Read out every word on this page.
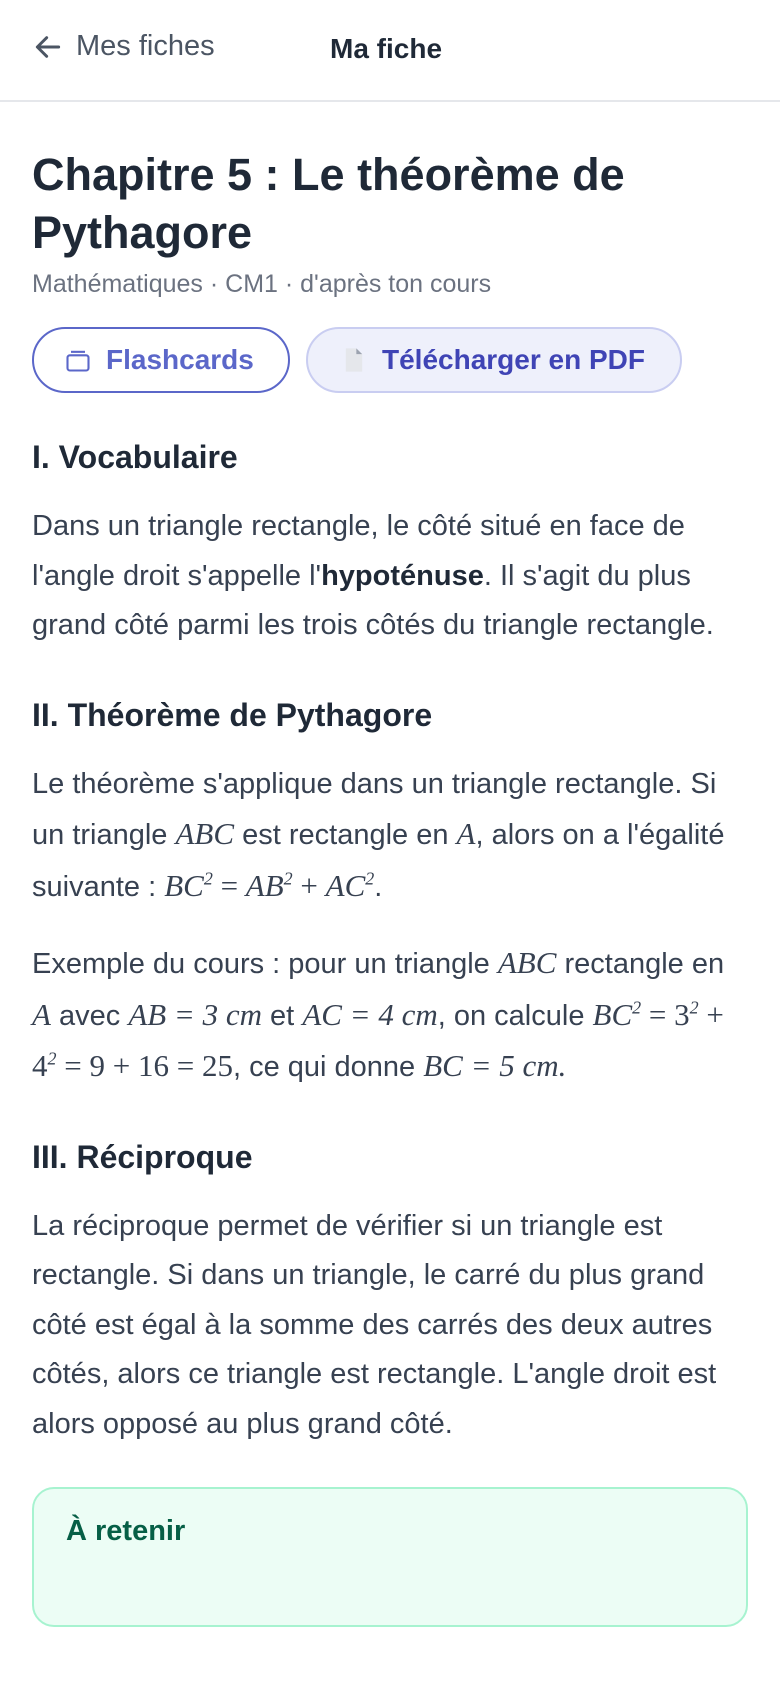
Mes fiches	Ma fiche
Chapitre 5 : Le théorème de Pythagore
Mathématiques · CM1 · d'après ton cours
Flashcards	Télécharger en PDF
I. Vocabulaire

Dans un triangle rectangle, le côté situé en face de l'angle droit s'appelle l'hypoténuse. Il s'agit du plus grand côté parmi les trois côtés du triangle rectangle.

II. Théorème de Pythagore

Le théorème s'applique dans un triangle rectangle. Si un triangle ABC est rectangle en A, alors on a l'égalité suivante : $BC^2 = AB^2 + AC^2$.

Exemple du cours : pour un triangle ABC rectangle en A avec AB = 3 cm et AC = 4 cm, on calcule $BC^2 = 3^2 + 4^2 = 9 + 16 = 25$, ce qui donne BC = 5 cm.

III. Réciproque

La réciproque permet de vérifier si un triangle est rectangle. Si dans un triangle, le carré du plus grand côté est égal à la somme des carrés des deux autres côtés, alors ce triangle est rectangle. L'angle droit est alors opposé au plus grand côté.

À retenir
